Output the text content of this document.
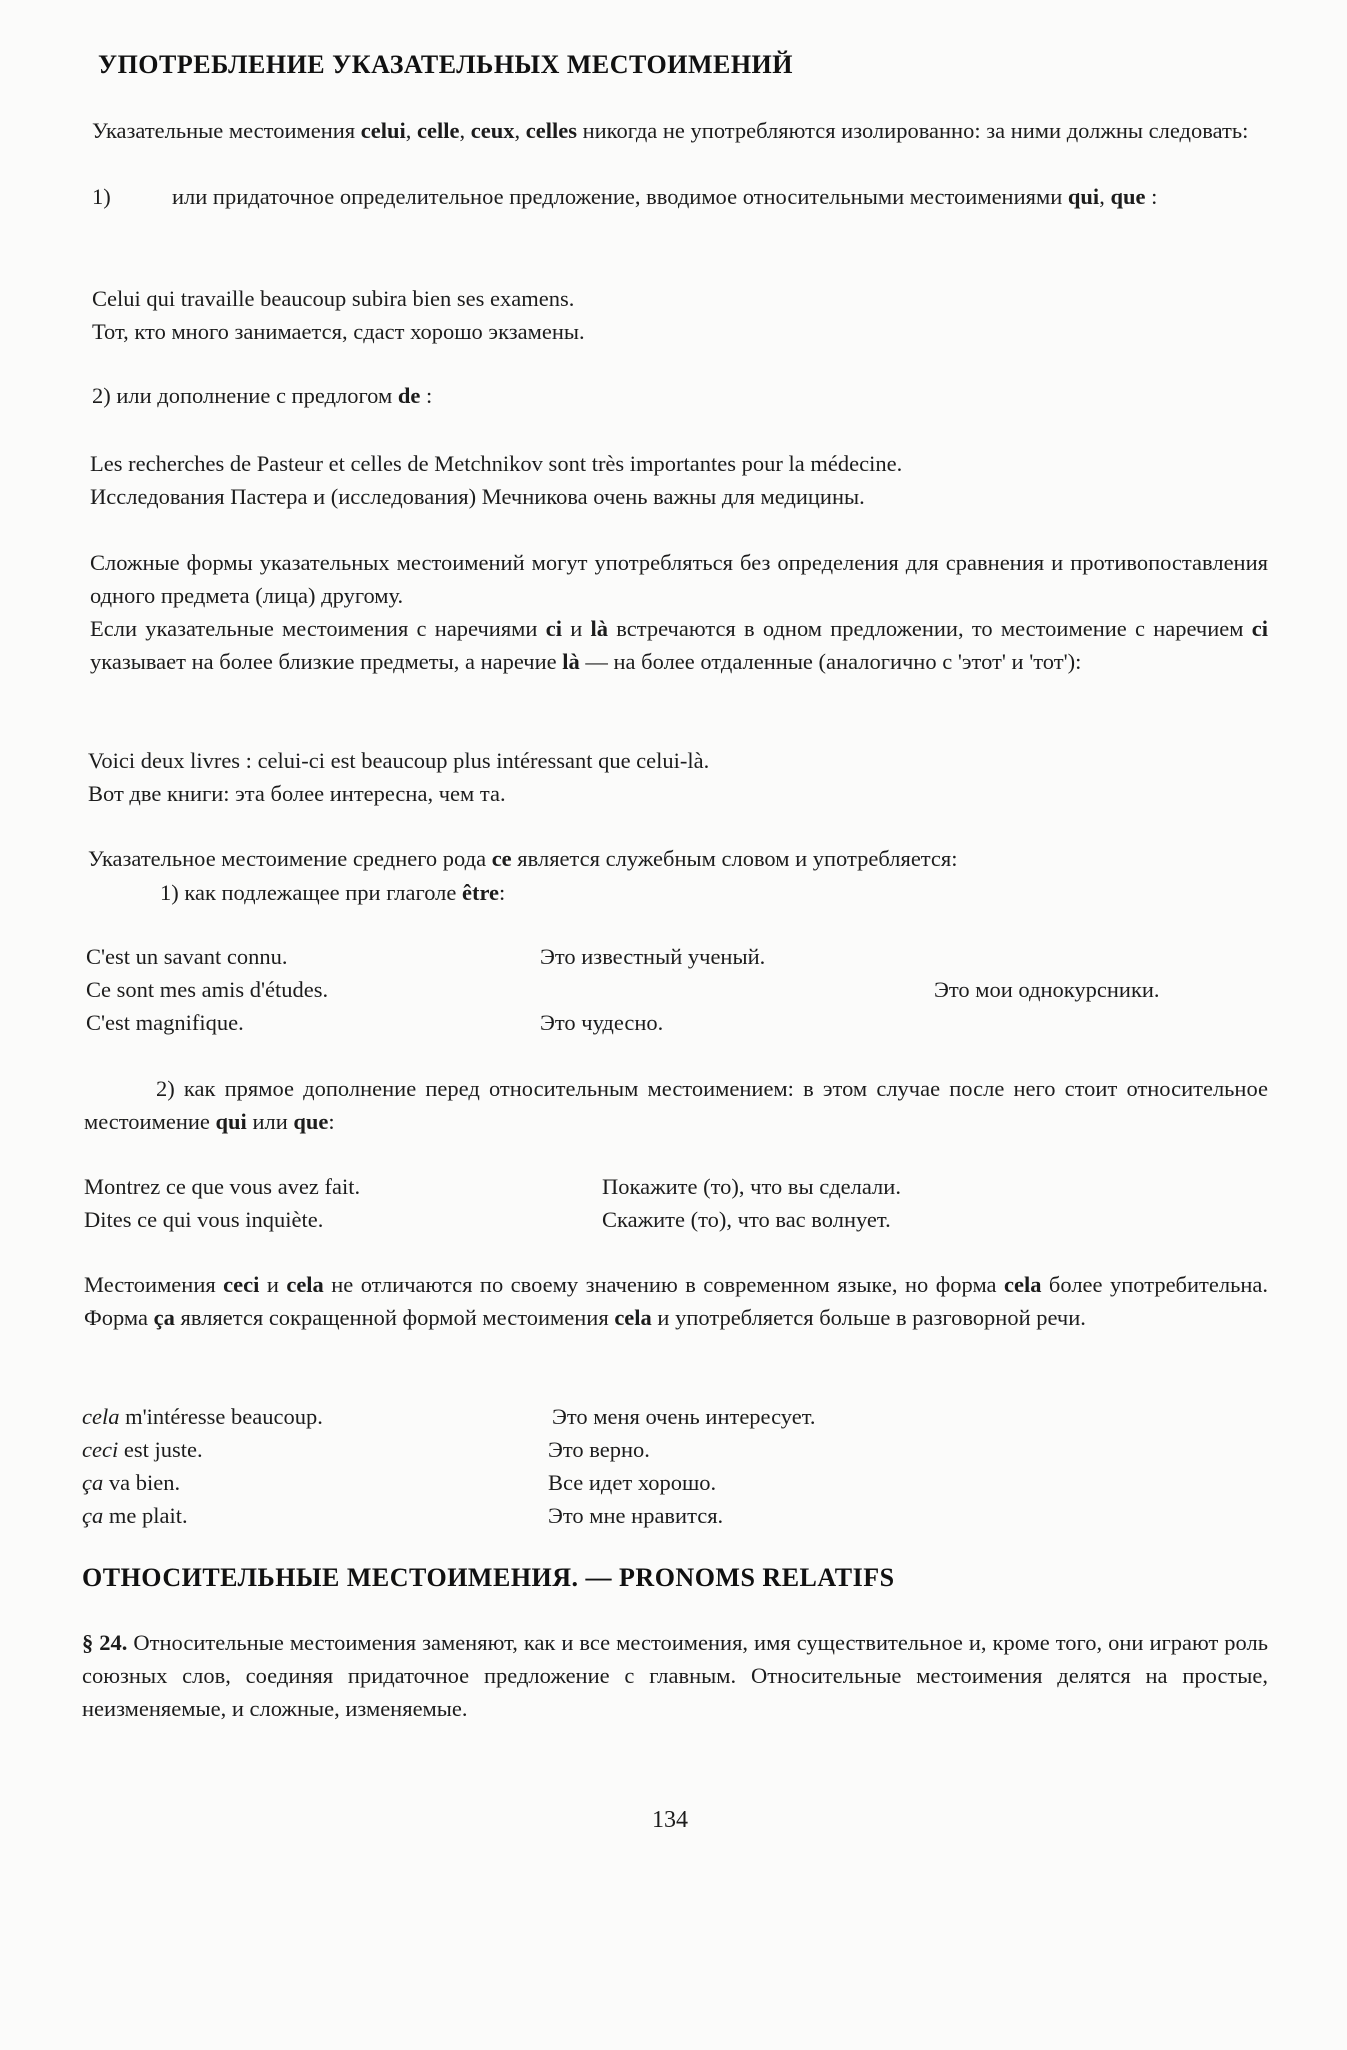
УПОТРЕБЛЕНИЕ УКАЗАТЕЛЬНЫХ МЕСТОИМЕНИЙ

Указательные местоимения celui, celle, ceux, celles никогда не употребляются изолированно: за ними должны следовать:

1)	или придаточное определительное предложение, вводимое относительными местоимениями qui, que :

Celui qui travaille beaucoup subira bien ses examens.
Тот, кто много занимается, сдаст хорошо экзамены.

2) или дополнение с предлогом de :

Les recherches de Pasteur et celles de Metchnikov sont très importantes pour la médecine.
Исследования Пастера и (исследования) Мечникова очень важны для медицины.

Сложные формы указательных местоимений могут употребляться без определения для сравнения и противопоставления одного предмета (лица) другому.

Если указательные местоимения с наречиями ci и là встречаются в одном предложении, то местоимение с наречием ci указывает на более близкие предметы, а наречие là — на более отдаленные (аналогично с 'этот' и 'тот'):

Voici deux livres : celui-ci est beaucoup plus intéressant que celui-là.
Вот две книги: эта более интересна, чем та.

Указательное местоимение среднего рода ce является служебным словом и употребляется:

1) как подлежащее при глаголе être:

C'est un savant connu.	Это известный ученый.
Ce sont mes amis d'études.	Это мои однокурсники.
C'est magnifique.	Это чудесно.

2) как прямое дополнение перед относительным местоимением: в этом случае после него стоит относительное местоимение qui или que:

Montrez ce que vous avez fait.	Покажите (то), что вы сделали.
Dites ce qui vous inquiète.	Скажите (то), что вас волнует.

Местоимения ceci и cela не отличаются по своему значению в современном языке, но форма cela более употребительна. Форма ça является сокращенной формой местоимения cela и употребляется больше в разговорной речи.

cela m'intéresse beaucoup.	Это меня очень интересует.
ceci est juste.	Это верно.
ça va bien.	Все идет хорошо.
ça me plait.	Это мне нравится.
ОТНОСИТЕЛЬНЫЕ МЕСТОИМЕНИЯ. — PRONOMS RELATIFS

§ 24. Относительные местоимения заменяют, как и все местоимения, имя существительное и, кроме того, они играют роль союзных слов, соединяя придаточное предложение с главным. Относительные местоимения делятся на простые, неизменяемые, и сложные, изменяемые.

134
